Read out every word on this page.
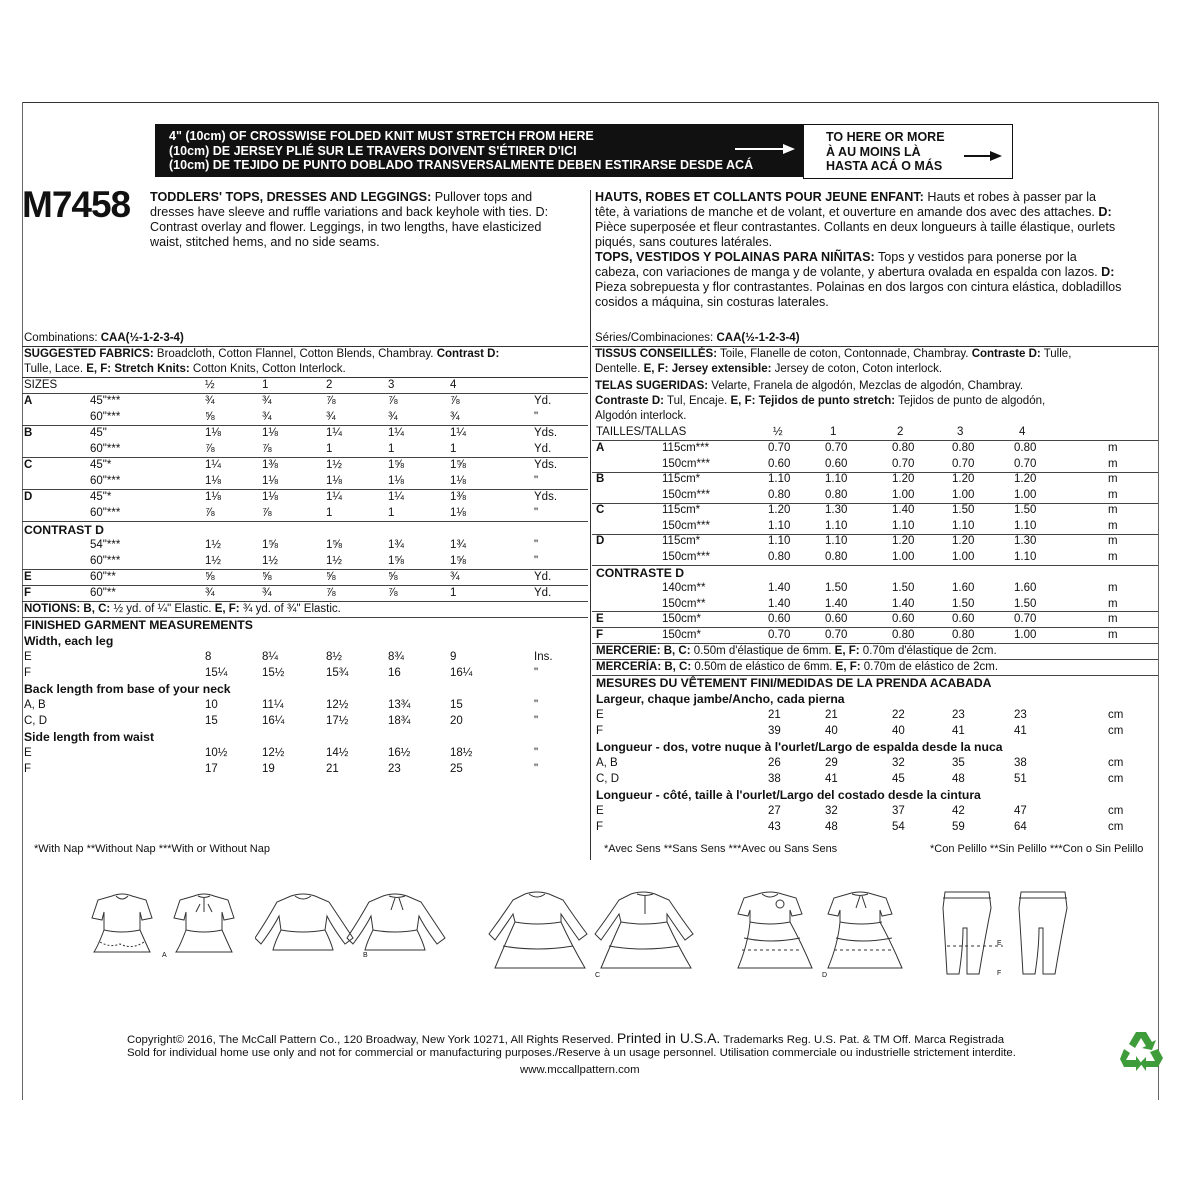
4" (10cm) OF CROSSWISE FOLDED KNIT MUST STRETCH FROM HERE
(10cm) DE JERSEY PLIÉ SUR LE TRAVERS DOIVENT S'ÉTIRER D'ICI
(10cm) DE TEJIDO DE PUNTO DOBLADO TRANSVERSALMENTE DEBEN ESTIRARSE DESDE ACÁ
TO HERE OR MORE
À AU MOINS LÀ
HASTA ACÁ O MÁS
M7458 TODDLERS' TOPS, DRESSES AND LEGGINGS: Pullover tops and
dresses have sleeve and ruffle variations and back keyhole with ties. D:
Contrast overlay and flower. Leggings, in two lengths, have elasticized
waist, stitched hems, and no side seams.
HAUTS, ROBES ET COLLANTS POUR JEUNE ENFANT: Hauts et robes à passer par la
tête, à variations de manche et de volant, et ouverture en amande dos avec des attaches. D:
Pièce superposée et fleur contrastantes. Collants en deux longueurs à taille élastique, ourlets
piqués, sans coutures latérales.
TOPS, VESTIDOS Y POLAINAS PARA NIÑITAS: Tops y vestidos para ponerse por la
cabeza, con variaciones de manga y de volante, y abertura ovalada en espalda con lazos. D:
Pieza sobrepuesta y flor contrastantes. Polainas en dos largos con cintura elástica, dobladillos
cosidos a máquina, sin costuras laterales.
Combinations: CAA(½-1-2-3-4)
SUGGESTED FABRICS: Broadcloth, Cotton Flannel, Cotton Blends, Chambray. Contrast D:
Tulle, Lace. E, F: Stretch Knits: Cotton Knits, Cotton Interlock.
Séries/Combinaciones: CAA(½-1-2-3-4)
TISSUS CONSEILLÉS: Toile, Flanelle de coton, Contonnade, Chambray. Contraste D: Tulle,
Dentelle. E, F: Jersey extensible: Jersey de coton, Coton interlock.
TELAS SUGERIDAS: Velarte, Franela de algodón, Mezclas de algodón, Chambray.
Contraste D: Tul, Encaje. E, F: Tejidos de punto stretch: Tejidos de punto de algodón,
Algodón interlock.
*With Nap **Without Nap ***With or Without Nap	*Avec Sens **Sans Sens ***Avec ou Sans Sens	*Con Pelillo **Sin Pelillo ***Con o Sin Pelillo
A	B
C	D
E
F
Copyright© 2016, The McCall Pattern Co., 120 Broadway, New York 10271, All Rights Reserved. Printed in U.S.A. Trademarks Reg. U.S. Pat. & TM Off. Marca Registrada
Sold for individual home use only and not for commercial or manufacturing purposes./Reserve à un usage personnel. Utilisation commerciale ou industrielle strictement interdite.
www.mccallpattern.com
SIZES	½	1	2	3	4
A	45"***	¾	¾	⅞	⅞	⅞	Yd.
60"***	⅝	¾	¾	¾	¾	"
B	45"	1⅛	1⅛	1¼	1¼	1¼	Yds.
60"***	⅞	⅞	1	1	1	Yd.
C	45"*	1¼	1⅜	1½	1⅝	1⅝	Yds.
60"***	1⅛	1⅛	1⅛	1⅛	1⅛	"
D	45"*	1⅛	1⅛	1¼	1¼	1⅜	Yds.
60"***	⅞	⅞	1	1	1⅛	"
CONTRAST D
54"***	1½	1⅝	1⅝	1¾	1¾	"
60"***	1½	1½	1½	1⅝	1⅝	"
E	60"**	⅝	⅝	⅝	⅝	¾	Yd.
F	60"**	¾	¾	⅞	⅞	1	Yd.
NOTIONS: B, C: ½ yd. of ¼" Elastic. E, F: ¾ yd. of ¾" Elastic.
FINISHED GARMENT MEASUREMENTS
Width, each leg
E	8	8¼	8½	8¾	9	Ins.
F	15¼	15½	15¾	16	16¼	"
Back length from base of your neck
A, B	10	11¼	12½	13¾	15	"
C, D	15	16¼	17½	18¾	20	"
Side length from waist
E	10½	12½	14½	16½	18½	"
F	17	19	21	23	25	"
TAILLES/TALLAS	½	1	2	3	4
A	115cm***	0.70	0.70	0.80	0.80	0.80	m
150cm***	0.60	0.60	0.70	0.70	0.70	m
B	115cm*	1.10	1.10	1.20	1.20	1.20	m
150cm***	0.80	0.80	1.00	1.00	1.00	m
C	115cm*	1.20	1.30	1.40	1.50	1.50	m
150cm***	1.10	1.10	1.10	1.10	1.10	m
D	115cm*	1.10	1.10	1.20	1.20	1.30	m
150cm***	0.80	0.80	1.00	1.00	1.10	m
CONTRASTE D
140cm**	1.40	1.50	1.50	1.60	1.60	m
150cm**	1.40	1.40	1.40	1.50	1.50	m
E	150cm*	0.60	0.60	0.60	0.60	0.70	m
F	150cm*	0.70	0.70	0.80	0.80	1.00	m
MERCERIE: B, C: 0.50m d'élastique de 6mm. E, F: 0.70m d'élastique de 2cm.
MERCERÍA: B, C: 0.50m de elástico de 6mm. E, F: 0.70m de elástico de 2cm.
MESURES DU VÊTEMENT FINI/MEDIDAS DE LA PRENDA ACABADA
Largeur, chaque jambe/Ancho, cada pierna
E	21	21	22	23	23	cm
F	39	40	40	41	41	cm
Longueur - dos, votre nuque à l'ourlet/Largo de espalda desde la nuca
A, B	26	29	32	35	38	cm
C, D	38	41	45	48	51	cm
Longueur - côté, taille à l'ourlet/Largo del costado desde la cintura
E	27	32	37	42	47	cm
F	43	48	54	59	64	cm
